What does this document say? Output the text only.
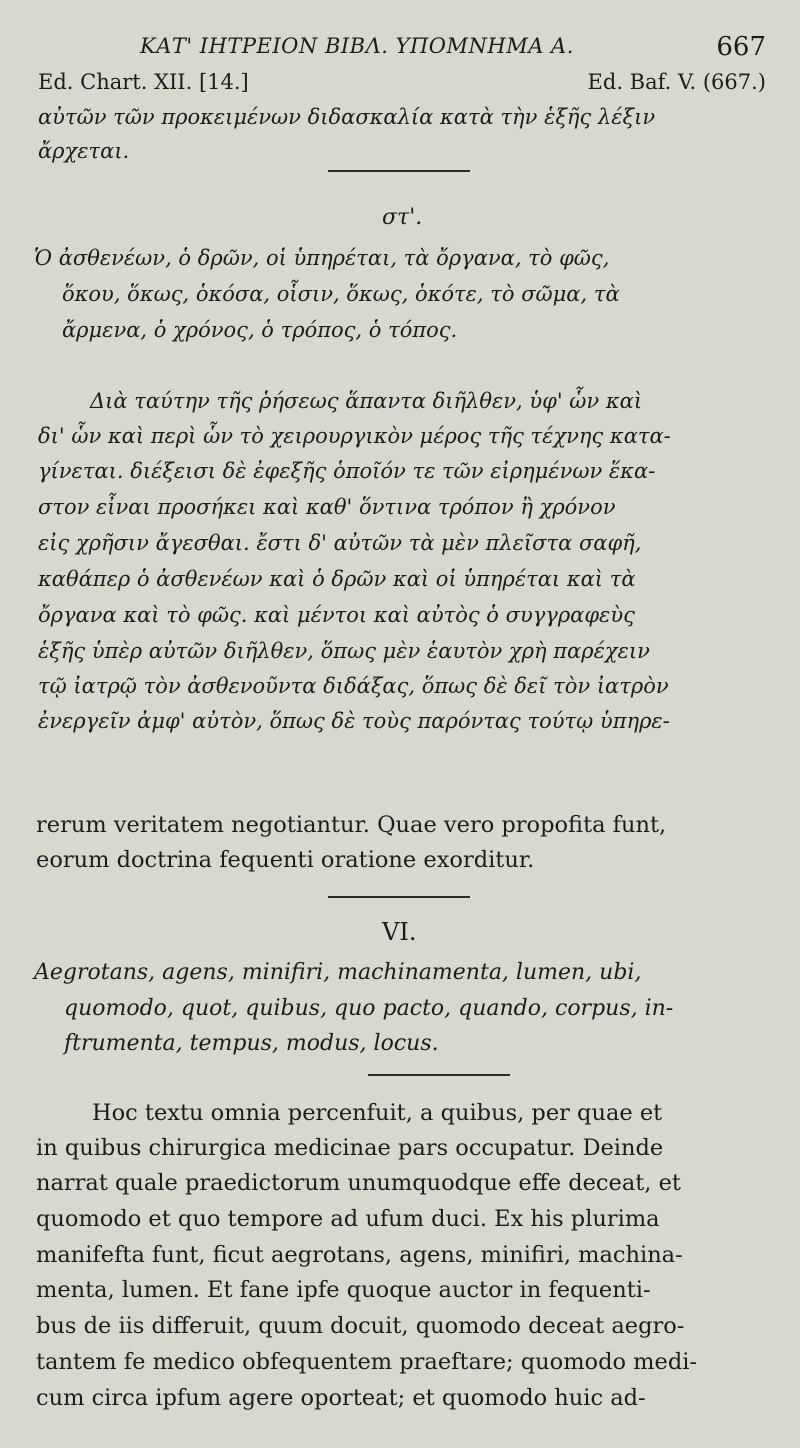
ΚΑΤ' ΙΗΤΡΕΙΟΝ ΒΙΒΛ. ΥΠΟΜΝΗΜΑ Α.	667
Ed. Chart. XII. [14.]	Ed. Baf. V. (667.)
αὐτῶν τῶν προκειμένων διδασκαλία κατὰ τὴν ἑξῆς λέξιν
ἄρχεται.
στ'.
Ὁ ἀσθενέων, ὁ δρῶν, οἱ ὑπηρέται, τὰ ὄργανα, τὸ φῶς,
ὅκου, ὅκως, ὁκόσα, οἷσιν, ὅκως, ὁκότε, τὸ σῶμα, τὰ
ἄρμενα, ὁ χρόνος, ὁ τρόπος, ὁ τόπος.
Διὰ ταύτην τῆς ῥήσεως ἅπαντα διῆλθεν, ὑφ' ὧν καὶ
δι' ὧν καὶ περὶ ὧν τὸ χειρουργικὸν μέρος τῆς τέχνης κατα-
γίνεται. διέξεισι δὲ ἐφεξῆς ὁποῖόν τε τῶν εἰρημένων ἕκα-
στον εἶναι προσήκει καὶ καθ' ὅντινα τρόπον ἢ χρόνον
εἰς χρῆσιν ἄγεσθαι. ἔστι δ' αὐτῶν τὰ μὲν πλεῖστα σαφῆ,
καθάπερ ὁ ἀσθενέων καὶ ὁ δρῶν καὶ οἱ ὑπηρέται καὶ τὰ
ὄργανα καὶ τὸ φῶς. καὶ μέντοι καὶ αὐτὸς ὁ συγγραφεὺς
ἑξῆς ὑπὲρ αὐτῶν διῆλθεν, ὅπως μὲν ἑαυτὸν χρὴ παρέχειν
τῷ ἰατρῷ τὸν ἀσθενοῦντα διδάξας, ὅπως δὲ δεῖ τὸν ἰατρὸν
ἐνεργεῖν ἀμφ' αὐτὸν, ὅπως δὲ τοὺς παρόντας τούτῳ ὑπηρε-
rerum veritatem negotiantur. Quae vero propofita funt,
eorum doctrina fequenti oratione exorditur.
VI.
Aegrotans, agens, minifiri, machinamenta, lumen, ubi,
quomodo, quot, quibus, quo pacto, quando, corpus, in-
ftrumenta, tempus, modus, locus.
Hoc textu omnia percenfuit, a quibus, per quae et
in quibus chirurgica medicinae pars occupatur. Deinde
narrat quale praedictorum unumquodque effe deceat, et
quomodo et quo tempore ad ufum duci. Ex his plurima
manifefta funt, ficut aegrotans, agens, minifiri, machina-
menta, lumen. Et fane ipfe quoque auctor in fequenti-
bus de iis differuit, quum docuit, quomodo deceat aegro-
tantem fe medico obfequentem praeftare; quomodo medi-
cum circa ipfum agere oporteat; et quomodo huic ad-
